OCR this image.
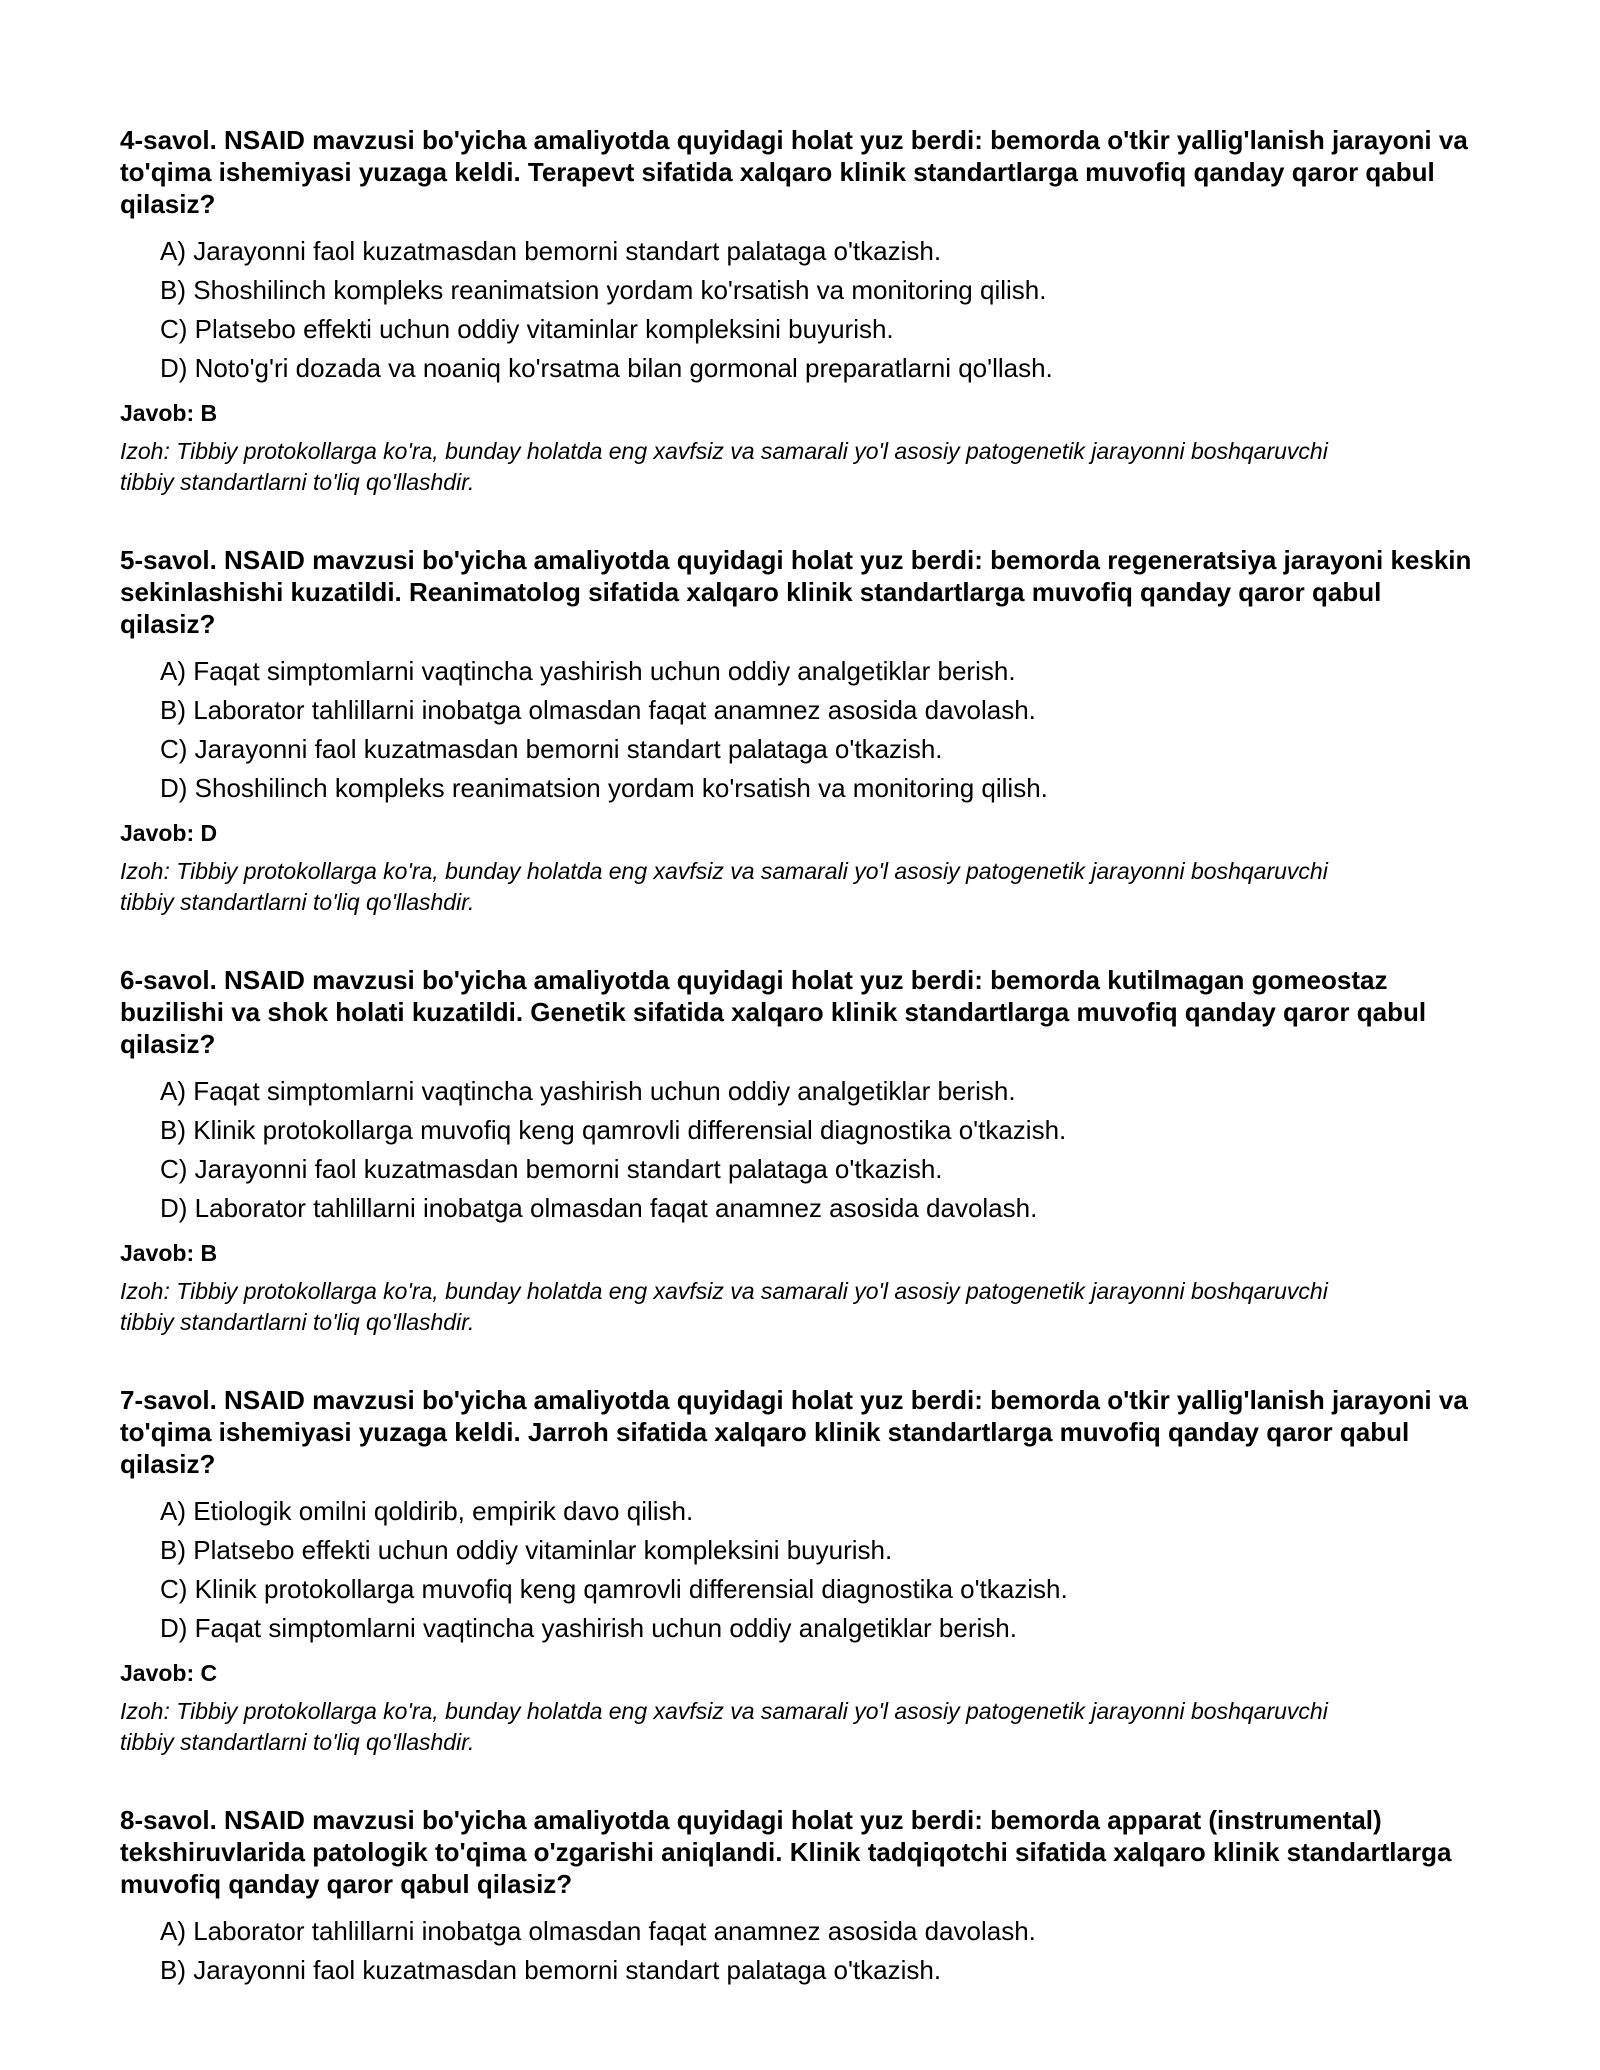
4-savol. NSAID mavzusi bo'yicha amaliyotda quyidagi holat yuz berdi: bemorda o'tkir yallig'lanish jarayoni va to'qima ishemiyasi yuzaga keldi. Terapevt sifatida xalqaro klinik standartlarga muvofiq qanday qaror qabul qilasiz?
A) Jarayonni faol kuzatmasdan bemorni standart palataga o'tkazish.
B) Shoshilinch kompleks reanimatsion yordam ko'rsatish va monitoring qilish.
C) Platsebo effekti uchun oddiy vitaminlar kompleksini buyurish.
D) Noto'g'ri dozada va noaniq ko'rsatma bilan gormonal preparatlarni qo'llash.
Javob: B
Izoh: Tibbiy protokollarga ko'ra, bunday holatda eng xavfsiz va samarali yo'l asosiy patogenetik jarayonni boshqaruvchi tibbiy standartlarni to'liq qo'llashdir.
5-savol. NSAID mavzusi bo'yicha amaliyotda quyidagi holat yuz berdi: bemorda regeneratsiya jarayoni keskin sekinlashishi kuzatildi. Reanimatolog sifatida xalqaro klinik standartlarga muvofiq qanday qaror qabul qilasiz?
A) Faqat simptomlarni vaqtincha yashirish uchun oddiy analgetiklar berish.
B) Laborator tahlillarni inobatga olmasdan faqat anamnez asosida davolash.
C) Jarayonni faol kuzatmasdan bemorni standart palataga o'tkazish.
D) Shoshilinch kompleks reanimatsion yordam ko'rsatish va monitoring qilish.
Javob: D
Izoh: Tibbiy protokollarga ko'ra, bunday holatda eng xavfsiz va samarali yo'l asosiy patogenetik jarayonni boshqaruvchi tibbiy standartlarni to'liq qo'llashdir.
6-savol. NSAID mavzusi bo'yicha amaliyotda quyidagi holat yuz berdi: bemorda kutilmagan gomeostaz buzilishi va shok holati kuzatildi. Genetik sifatida xalqaro klinik standartlarga muvofiq qanday qaror qabul qilasiz?
A) Faqat simptomlarni vaqtincha yashirish uchun oddiy analgetiklar berish.
B) Klinik protokollarga muvofiq keng qamrovli differensial diagnostika o'tkazish.
C) Jarayonni faol kuzatmasdan bemorni standart palataga o'tkazish.
D) Laborator tahlillarni inobatga olmasdan faqat anamnez asosida davolash.
Javob: B
Izoh: Tibbiy protokollarga ko'ra, bunday holatda eng xavfsiz va samarali yo'l asosiy patogenetik jarayonni boshqaruvchi tibbiy standartlarni to'liq qo'llashdir.
7-savol. NSAID mavzusi bo'yicha amaliyotda quyidagi holat yuz berdi: bemorda o'tkir yallig'lanish jarayoni va to'qima ishemiyasi yuzaga keldi. Jarroh sifatida xalqaro klinik standartlarga muvofiq qanday qaror qabul qilasiz?
A) Etiologik omilni qoldirib, empirik davo qilish.
B) Platsebo effekti uchun oddiy vitaminlar kompleksini buyurish.
C) Klinik protokollarga muvofiq keng qamrovli differensial diagnostika o'tkazish.
D) Faqat simptomlarni vaqtincha yashirish uchun oddiy analgetiklar berish.
Javob: C
Izoh: Tibbiy protokollarga ko'ra, bunday holatda eng xavfsiz va samarali yo'l asosiy patogenetik jarayonni boshqaruvchi tibbiy standartlarni to'liq qo'llashdir.
8-savol. NSAID mavzusi bo'yicha amaliyotda quyidagi holat yuz berdi: bemorda apparat (instrumental) tekshiruvlarida patologik to'qima o'zgarishi aniqlandi. Klinik tadqiqotchi sifatida xalqaro klinik standartlarga muvofiq qanday qaror qabul qilasiz?
A) Laborator tahlillarni inobatga olmasdan faqat anamnez asosida davolash.
B) Jarayonni faol kuzatmasdan bemorni standart palataga o'tkazish.
